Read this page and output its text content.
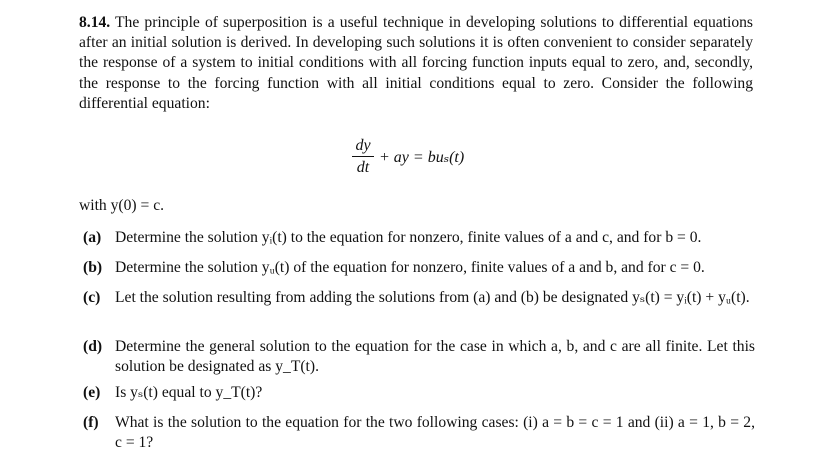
8.14. The principle of superposition is a useful technique in developing solutions to differential equations after an initial solution is derived. In developing such solutions it is often convenient to consider separately the response of a system to initial conditions with all forcing function inputs equal to zero, and, secondly, the response to the forcing function with all initial conditions equal to zero. Consider the following differential equation:
$\frac{dy}{dt}$ + ay = buₛ(t)
with y(0) = c.
(a) Determine the solution yᵢ(t) to the equation for nonzero, finite values of a and c, and for b = 0.
(b) Determine the solution yᵤ(t) of the equation for nonzero, finite values of a and b, and for c = 0.
(c) Let the solution resulting from adding the solutions from (a) and (b) be designated yₛ(t) = yᵢ(t) + yᵤ(t).
(d) Determine the general solution to the equation for the case in which a, b, and c are all finite. Let this solution be designated as y_T(t).
(e) Is yₛ(t) equal to y_T(t)?
(f)	What is the solution to the equation for the two following cases: (i) a = b = c = 1 and (ii) a = 1, b = 2, c = 1?
